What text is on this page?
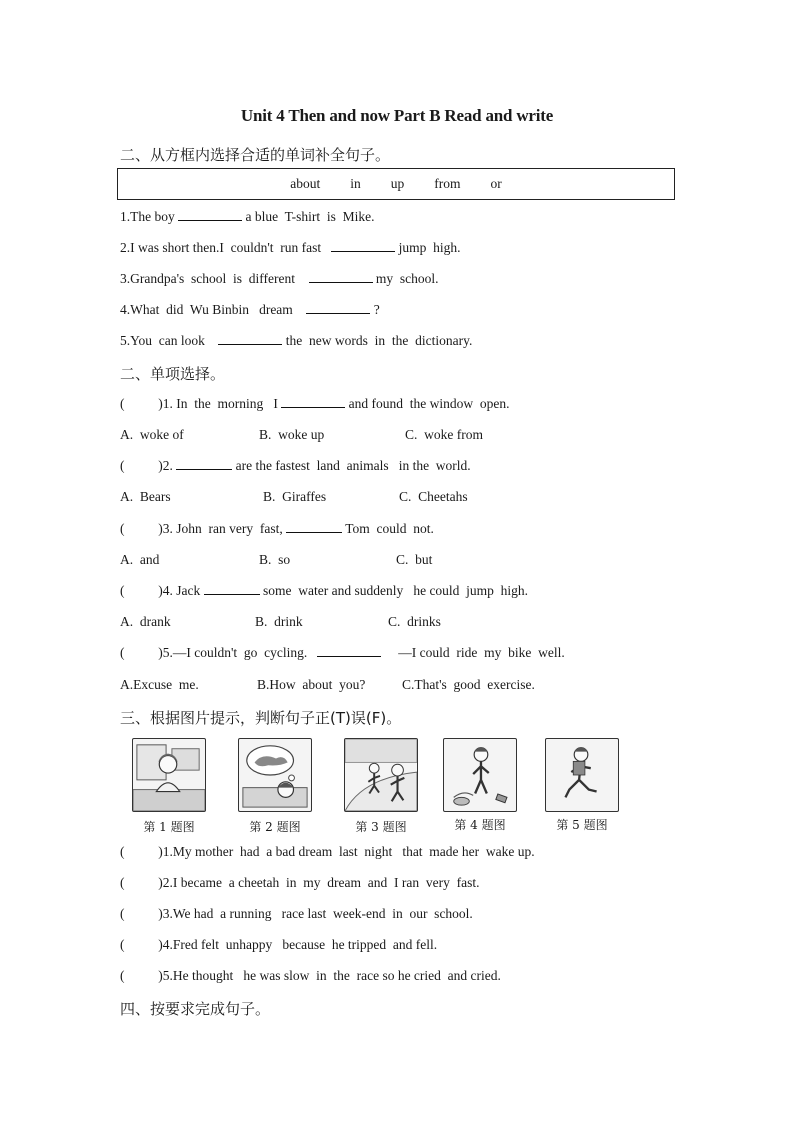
Unit 4 Then and now Part B Read and write
二、从方框内选择合适的单词补全句子。
about in up from or
1.The boy	a blue  T-shirt  is  Mike.
2.I was short then.I  couldn't  run fast	jump  high.
3.Grandpa's  school  is  different	my  school.
4.What  did  Wu Binbin   dream	?
5.You  can look	the  new words  in  the  dictionary.
二、单项选择。
(          )1. In  the  morning   I	and found  the window  open.
A.  woke of	B.  woke up	C.  woke from
(          )2.	are the fastest  land  animals   in the  world.
A.  Bears	B.  Giraffes	C.  Cheetahs
(          )3. John  ran very  fast,	Tom  could  not.
A.  and	B.  so	C.  but
(          )4. Jack	some  water and suddenly   he could  jump  high.
A.  drank	B.  drink	C.  drinks
(          )5.—I couldn't  go  cycling.	—I could  ride  my  bike  well.
A.Excuse  me.	B.How  about  you?	C.That's  good  exercise.
三、根据图片提示，判断句子正(T)误(F)。
第 1 题图	第 2 题图	第 3 题图	第 4 题图	第 5 题图
(          )1.My mother  had  a bad dream  last  night   that  made her  wake up.
(          )2.I became  a cheetah  in  my  dream  and  I ran  very  fast.
(          )3.We had  a running   race last  week-end  in  our  school.
(          )4.Fred felt  unhappy   because  he tripped  and fell.
(          )5.He thought   he was slow  in  the  race so he cried  and cried.
四、按要求完成句子。
